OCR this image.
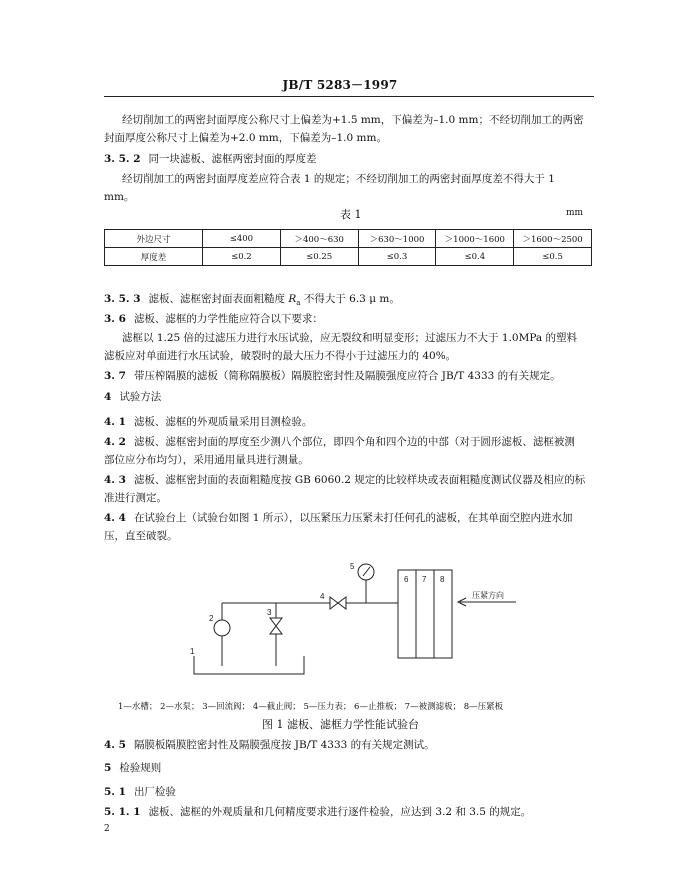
JB/T 5283－1997

经切削加工的两密封面厚度公称尺寸上偏差为+1.5 mm，下偏差为–1.0 mm；不经切削加工的两密

封面厚度公称尺寸上偏差为+2.0 mm，下偏差为–1.0 mm。

3. 5. 2 同一块滤板、滤框两密封面的厚度差

经切削加工的两密封面厚度差应符合表 1 的规定；不经切削加工的两密封面厚度差不得大于 1

mm。

表 1	mm
外边尺寸	≤400	＞400～630	＞630～1000	＞1000～1600	＞1600～2500
厚度差	≤0.2	≤0.25	≤0.3	≤0.4	≤0.5

3. 5. 3 滤板、滤框密封面表面粗糙度 $R_a$ 不得大于 6.3 μ m。

3. 6 滤板、滤框的力学性能应符合以下要求：

滤框以 1.25 倍的过滤压力进行水压试验，应无裂纹和明显变形；过滤压力不大于 1.0MPa 的塑料

滤板应对单面进行水压试验，破裂时的最大压力不得小于过滤压力的 40%。

3. 7 带压榨隔膜的滤板（简称隔膜板）隔膜腔密封性及隔膜强度应符合 JB/T 4333 的有关规定。

4 试验方法

4. 1 滤板、滤框的外观质量采用目测检验。

4. 2 滤板、滤框密封面的厚度至少测八个部位，即四个角和四个边的中部（对于圆形滤板、滤框被测

部位应分布均匀），采用通用量具进行测量。

4. 3 滤板、滤框密封面的表面粗糙度按 GB 6060.2 规定的比较样块或表面粗糙度测试仪器及相应的标

准进行测定。

4. 4 在试验台上（试验台如图 1 所示），以压紧压力压紧未打任何孔的滤板，在其单面空腔内进水加

压，直至破裂。

1
2
3
4
5
6 7 8
压紧方向
1—水槽； 2—水泵； 3—回流阀； 4—截止阀； 5—压力表； 6—止推板； 7—被测滤板； 8—压紧板
图 1 滤板、滤框力学性能试验台

4. 5 隔膜板隔膜腔密封性及隔膜强度按 JB/T 4333 的有关规定测试。

5 检验规则

5. 1 出厂检验

5. 1. 1 滤板、滤框的外观质量和几何精度要求进行逐件检验，应达到 3.2 和 3.5 的规定。

2
